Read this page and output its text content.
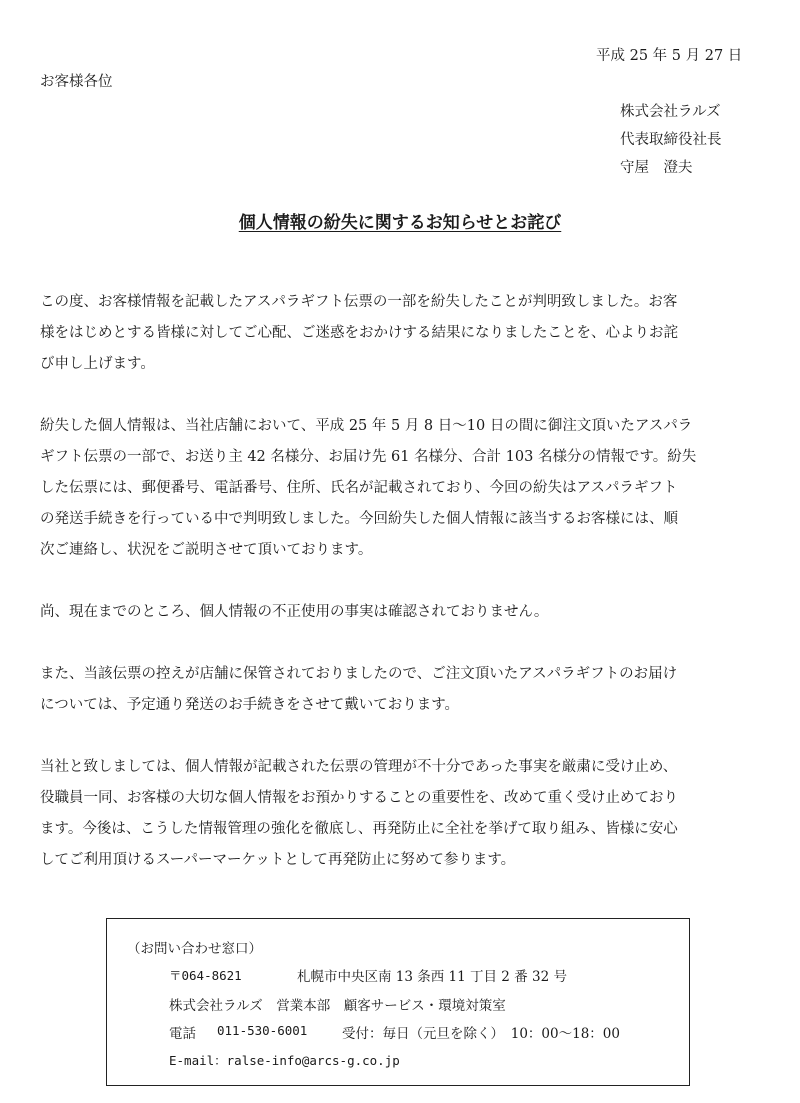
平成 25 年 5 月 27 日
お客様各位
株式会社ラルズ
代表取締役社長
守屋　澄夫
個人情報の紛失に関するお知らせとお詫び

この度、お客様情報を記載したアスパラギフト伝票の一部を紛失したことが判明致しました。お客

様をはじめとする皆様に対してご心配、ご迷惑をおかけする結果になりましたことを、心よりお詫

び申し上げます。

紛失した個人情報は、当社店舗において、平成 25 年 5 月 8 日～10 日の間に御注文頂いたアスパラ

ギフト伝票の一部で、お送り主 42 名様分、お届け先 61 名様分、合計 103 名様分の情報です。紛失

した伝票には、郵便番号、電話番号、住所、氏名が記載されており、今回の紛失はアスパラギフト

の発送手続きを行っている中で判明致しました。今回紛失した個人情報に該当するお客様には、順

次ご連絡し、状況をご説明させて頂いております。

尚、現在までのところ、個人情報の不正使用の事実は確認されておりません。

また、当該伝票の控えが店舗に保管されておりましたので、ご注文頂いたアスパラギフトのお届け

については、予定通り発送のお手続きをさせて戴いております。

当社と致しましては、個人情報が記載された伝票の管理が不十分であった事実を厳粛に受け止め、

役職員一同、お客様の大切な個人情報をお預かりすることの重要性を、改めて重く受け止めており

ます。今後は、こうした情報管理の強化を徹底し、再発防止に全社を挙げて取り組み、皆様に安心

してご利用頂けるスーパーマーケットとして再発防止に努めて参ります。

（お問い合わせ窓口）
〒064-8621	札幌市中央区南 13 条西 11 丁目 2 番 32 号
株式会社ラルズ　営業本部　顧客サービス・環境対策室
電話 011-530-6001	受付：毎日（元旦を除く）　10：00～18：00
E-mail：ralse-info@arcs-g.co.jp
